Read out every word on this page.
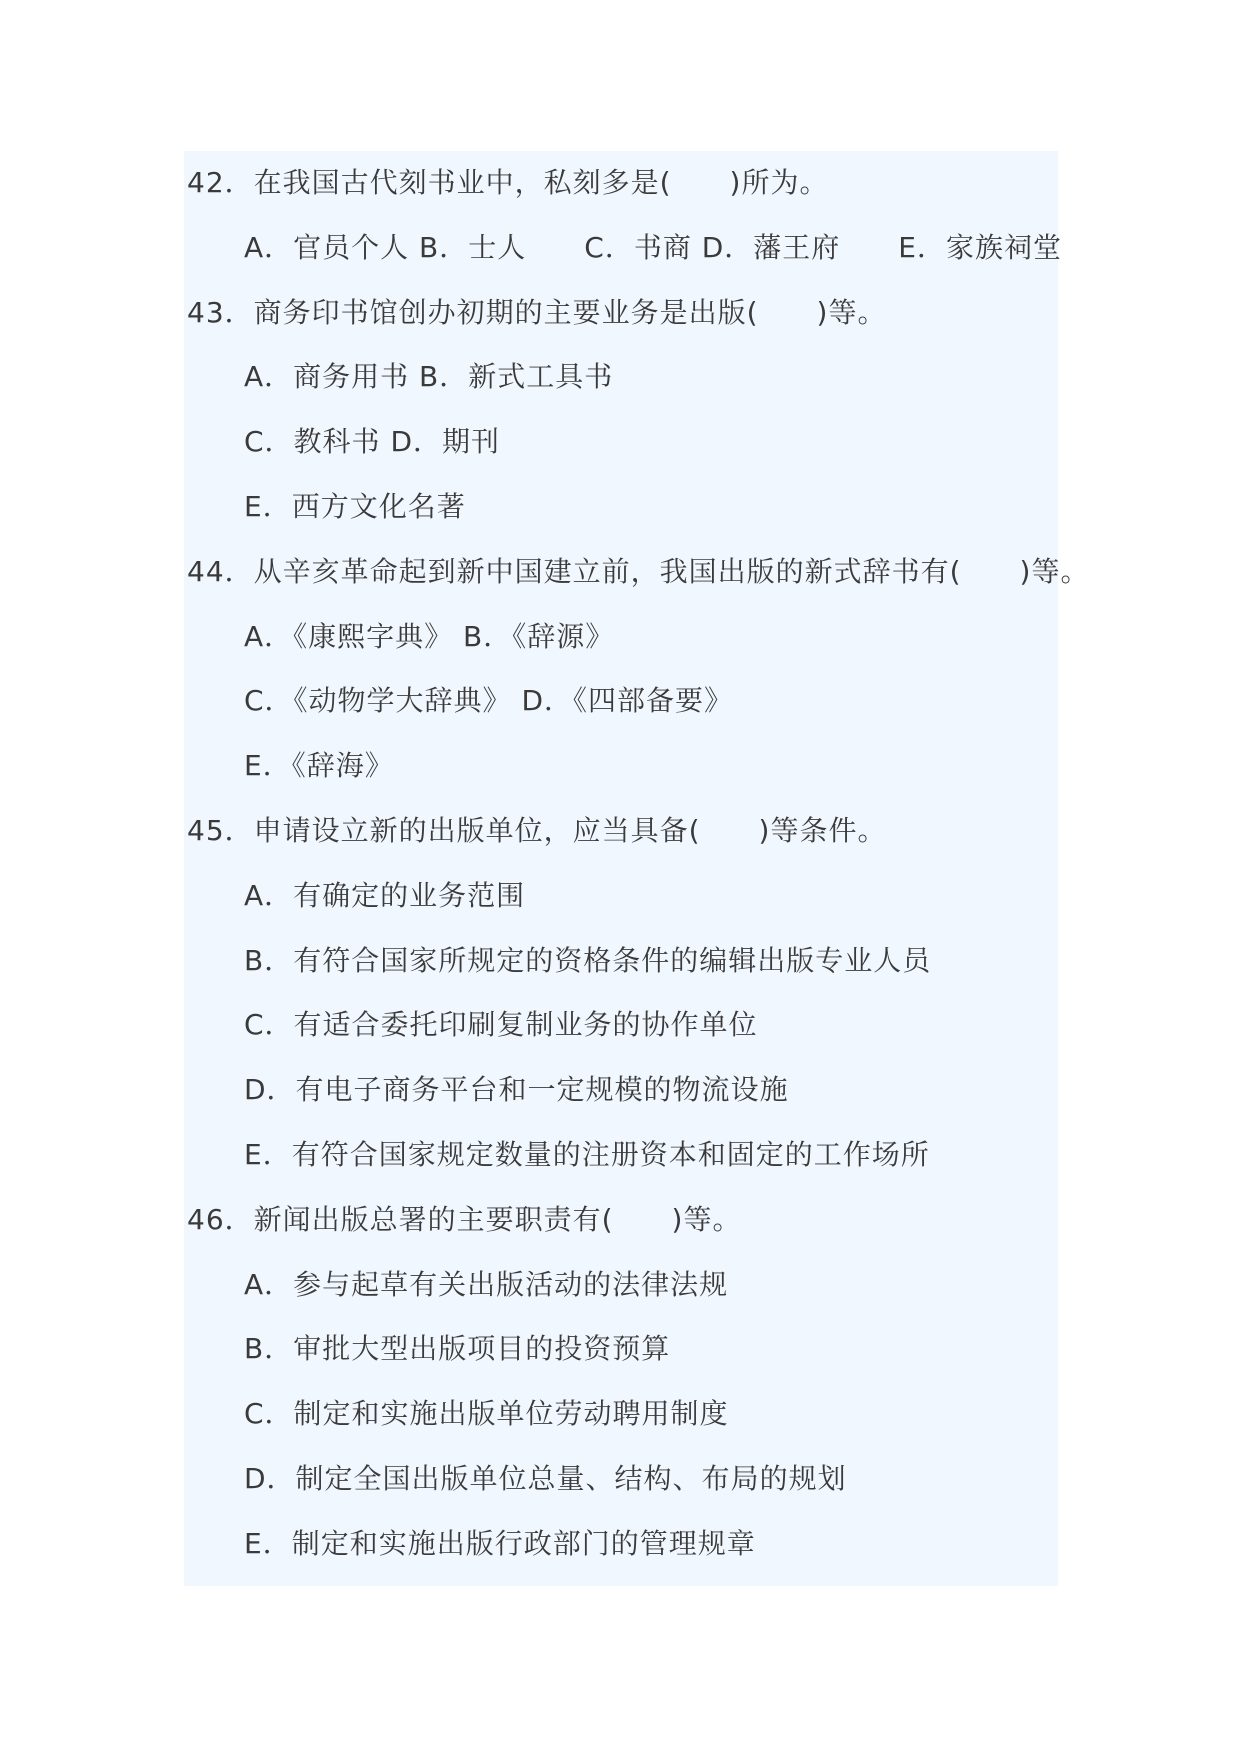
42．在我国古代刻书业中，私刻多是(　　)所为。
A．官员个人 B．士人　　C．书商 D．藩王府　　E．家族祠堂
43．商务印书馆创办初期的主要业务是出版(　　)等。
A．商务用书 B．新式工具书
C．教科书 D．期刊
E．西方文化名著
44．从辛亥革命起到新中国建立前，我国出版的新式辞书有(　　)等。
A．《康熙字典》 B．《辞源》
C．《动物学大辞典》 D．《四部备要》
E．《辞海》
45．申请设立新的出版单位，应当具备(　　)等条件。
A．有确定的业务范围
B．有符合国家所规定的资格条件的编辑出版专业人员
C．有适合委托印刷复制业务的协作单位
D．有电子商务平台和一定规模的物流设施
E．有符合国家规定数量的注册资本和固定的工作场所
46．新闻出版总署的主要职责有(　　)等。
A．参与起草有关出版活动的法律法规
B．审批大型出版项目的投资预算
C．制定和实施出版单位劳动聘用制度
D．制定全国出版单位总量、结构、布局的规划
E．制定和实施出版行政部门的管理规章
